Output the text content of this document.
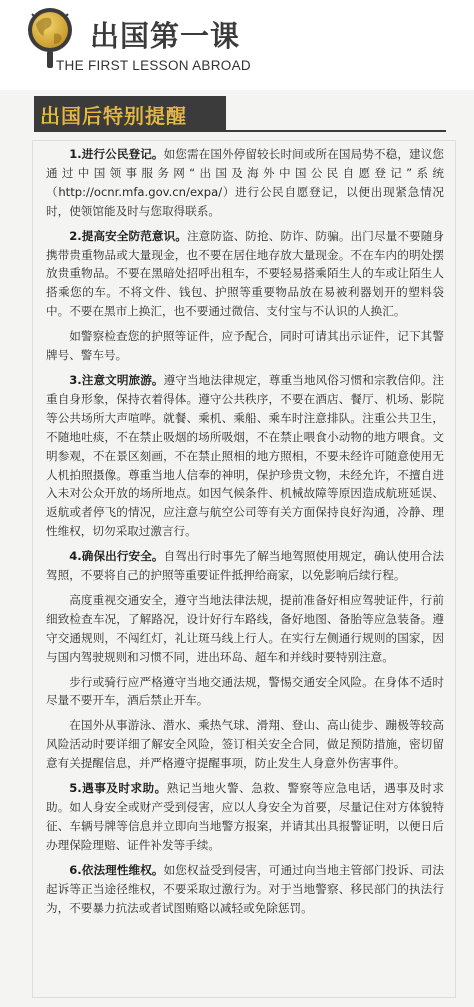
出国第一课
THE FIRST LESSON ABROAD
出国后特别提醒

1.进行公民登记。如您需在国外停留较长时间或所在国局势不稳，建议您通过中国领事服务网“出国及海外中国公民自愿登记”系统（http://ocnr.mfa.gov.cn/expa/）进行公民自愿登记，以便出现紧急情况时，使领馆能及时与您取得联系。

2.提高安全防范意识。注意防盗、防抢、防诈、防骗。出门尽量不要随身携带贵重物品或大量现金，也不要在居住地存放大量现金。不在车内的明处摆放贵重物品。不要在黑暗处招呼出租车，不要轻易搭乘陌生人的车或让陌生人搭乘您的车。不将文件、钱包、护照等重要物品放在易被利器划开的塑料袋中。不要在黑市上换汇，也不要通过微信、支付宝与不认识的人换汇。

如警察检查您的护照等证件，应予配合，同时可请其出示证件，记下其警牌号、警车号。

3.注意文明旅游。遵守当地法律规定，尊重当地风俗习惯和宗教信仰。注重自身形象，保持衣着得体。遵守公共秩序，不要在酒店、餐厅、机场、影院等公共场所大声喧哗。就餐、乘机、乘船、乘车时注意排队。注重公共卫生，不随地吐痰，不在禁止吸烟的场所吸烟，不在禁止喂食小动物的地方喂食。文明参观，不在景区刻画，不在禁止照相的地方照相，不要未经许可随意使用无人机拍照摄像。尊重当地人信奉的神明，保护珍贵文物，未经允许，不擅自进入未对公众开放的场所地点。如因气候条件、机械故障等原因造成航班延误、返航或者停飞的情况，应注意与航空公司等有关方面保持良好沟通，冷静、理性维权，切勿采取过激言行。

4.确保出行安全。自驾出行时事先了解当地驾照使用规定，确认使用合法驾照，不要将自己的护照等重要证件抵押给商家，以免影响后续行程。

高度重视交通安全，遵守当地法律法规，提前准备好相应驾驶证件，行前细致检查车况，了解路况，设计好行车路线，备好地图、备胎等应急装备。遵守交通规则，不闯红灯，礼让斑马线上行人。在实行左侧通行规则的国家，因与国内驾驶规则和习惯不同，进出环岛、超车和并线时要特别注意。

步行或骑行应严格遵守当地交通法规，警惕交通安全风险。在身体不适时尽量不要开车，酒后禁止开车。

在国外从事游泳、潜水、乘热气球、滑翔、登山、高山徒步、蹦极等较高风险活动时要详细了解安全风险，签订相关安全合同，做足预防措施，密切留意有关提醒信息，并严格遵守提醒事项，防止发生人身意外伤害事件。

5.遇事及时求助。熟记当地火警、急救、警察等应急电话，遇事及时求助。如人身安全或财产受到侵害，应以人身安全为首要，尽量记住对方体貌特征、车辆号牌等信息并立即向当地警方报案，并请其出具报警证明，以便日后办理保险理赔、证件补发等手续。

6.依法理性维权。如您权益受到侵害，可通过向当地主管部门投诉、司法起诉等正当途径维权，不要采取过激行为。对于当地警察、移民部门的执法行为，不要暴力抗法或者试图贿赂以减轻或免除惩罚。
